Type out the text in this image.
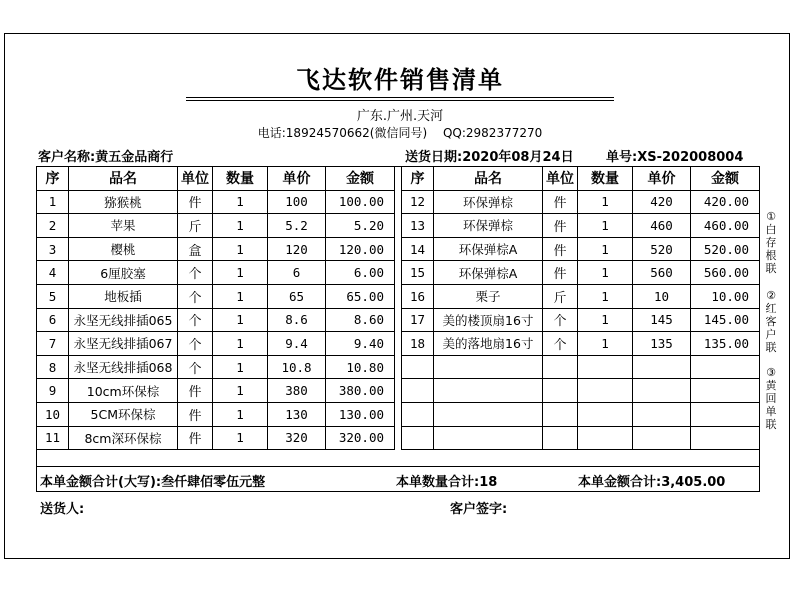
飞达软件销售清单
广东.广州.天河
电话:18924570662(微信同号) QQ:2982377270
客户名称:黄五金品商行	送货日期:2020年08月24日 单号:XS-202008004
序	品名	单位	数量	单价	金额
1	猕猴桃	件	1	100	100.00
2	苹果	斤	1	5.2	5.20
3	樱桃	盒	1	120	120.00
4	6厘胶塞	个	1	6	6.00
5	地板插	个	1	65	65.00
6	永坚无线排插065	个	1	8.6	8.60
7	永坚无线排插067	个	1	9.4	9.40
8	永坚无线排插068	个	1	10.8	10.80
9	10cm环保棕	件	1	380	380.00
10	5CM环保棕	件	1	130	130.00
11	8cm深环保棕	件	1	320	320.00
序	品名	单位	数量	单价	金额
12	环保弹棕	件	1	420	420.00
13	环保弹棕	件	1	460	460.00
14	环保弹棕A	件	1	520	520.00
15	环保弹棕A	件	1	560	560.00
16	栗子	斤	1	10	10.00
17	美的楼顶扇16寸	个	1	145	145.00
18	美的落地扇16寸	个	1	135	135.00

本单金额合计(大写):叁仟肆佰零伍元整	本单数量合计:18	本单金额合计:3,405.00
送货人:	客户签字:
①白存根联
②红客户联
③黄回单联
